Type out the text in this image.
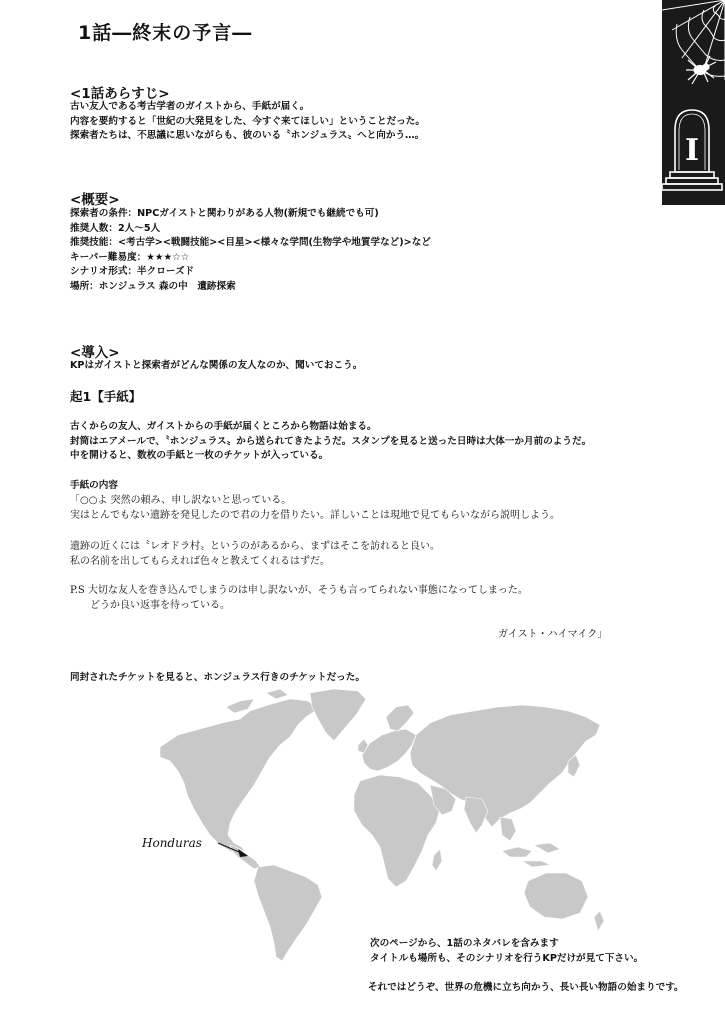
1話―終末の予言―
I
<1話あらすじ>
古い友人である考古学者のガイストから、手紙が届く。
内容を要約すると「世紀の大発見をした、今すぐ来てほしい」ということだった。
探索者たちは、不思議に思いながらも、彼のいる〝ホンジュラス〟へと向かう…。
<概要>
探索者の条件：NPCガイストと関わりがある人物(新規でも継続でも可)
推奨人数：2人〜5人
推奨技能：<考古学><戦闘技能><目星><様々な学問(生物学や地質学など)>など
キーパー難易度：★★★☆☆
シナリオ形式：半クローズド
場所：ホンジュラス 森の中　遺跡探索
<導入>
KPはガイストと探索者がどんな関係の友人なのか、聞いておこう。
起1【手紙】
古くからの友人、ガイストからの手紙が届くところから物語は始まる。
封筒はエアメールで、〝ホンジュラス〟から送られてきたようだ。スタンプを見ると送った日時は大体一か月前のようだ。
中を開けると、数枚の手紙と一枚のチケットが入っている。
手紙の内容
「○○よ 突然の頼み、申し訳ないと思っている。
実はとんでもない遺跡を発見したので君の力を借りたい。詳しいことは現地で見てもらいながら説明しよう。
遺跡の近くには〝レオドラ村〟というのがあるから、まずはそこを訪れると良い。
私の名前を出してもらえれば色々と教えてくれるはずだ。
P.S 大切な友人を巻き込んでしまうのは申し訳ないが、そうも言ってられない事態になってしまった。
　　どうか良い返事を待っている。
ガイスト・ハイマイク」
同封されたチケットを見ると、ホンジュラス行きのチケットだった。
Honduras
次のページから、1話のネタバレを含みます
タイトルも場所も、そのシナリオを行うKPだけが見て下さい。
それではどうぞ、世界の危機に立ち向かう、長い長い物語の始まりです。
